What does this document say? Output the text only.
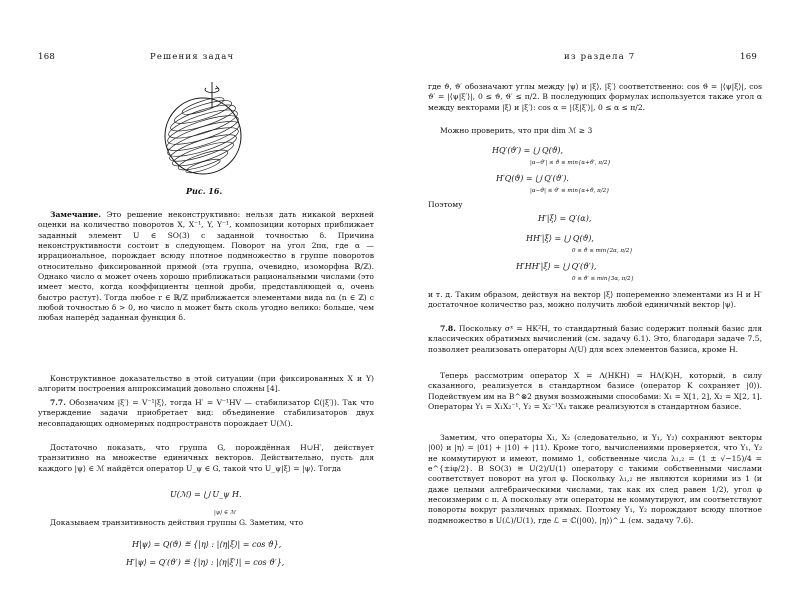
168	Решения задач
Рис. 16.

Замечание. Это решение неконструктивно: нельзя дать никакой верхней оценки на количество поворотов X, X⁻¹, Y, Y⁻¹, композиции которых приближает заданный элемент U ∈ SO(3) с заданной точностью δ. Причина неконструктивности состоит в следующем. Поворот на угол 2πα, где α — иррациональное, порождает всюду плотное подмножество в группе поворотов относительно фиксированной прямой (эта группа, очевидно, изоморфна ℝ/ℤ). Однако число α может очень хорошо приближаться рациональными числами (это имеет место, когда коэффициенты цепной дроби, представляющей α, очень быстро растут). Тогда любое r ∈ ℝ/ℤ приближается элементами вида nα (n ∈ ℤ) с любой точностью δ > 0, но число n может быть сколь угодно велико: больше, чем любая наперёд заданная функция δ.

Конструктивное доказательство в этой ситуации (при фиксированных X и Y) алгоритм построения аппроксимаций довольно сложны [4].

7.7. Обозначим |ξ′⟩ = V⁻¹|ξ⟩, тогда H′ = V⁻¹HV — стабилизатор ℂ(|ξ′⟩). Так что утверждение задачи приобретает вид: объединение стабилизаторов двух несовпадающих одномерных подпространств порождает U(ℳ).

Достаточно показать, что группа G, порождённая H∪H′, действует транзитивно на множестве единичных векторов. Действительно, пусть для каждого |ψ⟩ ∈ ℳ найдётся оператор U_ψ ∈ G, такой что U_ψ|ξ⟩ = |ψ⟩. Тогда

U(ℳ) = ⋃ U_ψ H.
|ψ⟩ ∈ ℳ

Доказываем транзитивность действия группы G. Заметим, что

H|ψ⟩ = Q(ϑ) ≝ {|η⟩ : |⟨η|ξ⟩| = cos ϑ},
H′|ψ⟩ = Q′(ϑ′) ≝ {|η⟩ : |⟨η|ξ′⟩| = cos ϑ′},
из раздела 7	169

где ϑ, ϑ′ обозначают углы между |ψ⟩ и |ξ⟩, |ξ′⟩ соответственно: cos ϑ = |⟨ψ|ξ⟩|, cos ϑ′ = |⟨ψ|ξ′⟩|, 0 ≤ ϑ, ϑ′ ≤ π/2. В последующих формулах используется также угол α между векторами |ξ⟩ и |ξ′⟩: cos α = |⟨ξ|ξ′⟩|, 0 ≤ α ≤ π/2.

Можно проверить, что при dim ℳ ≥ 3

HQ′(ϑ′) = ⋃ Q(ϑ),
|α−ϑ′| ≤ ϑ ≤ min{α+ϑ′, π/2}
H′Q(ϑ) = ⋃ Q′(ϑ′).
|α−ϑ| ≤ ϑ′ ≤ min{α+ϑ, π/2}

Поэтому

H′|ξ⟩ = Q′(α),
HH′|ξ⟩ = ⋃ Q(ϑ),
0 ≤ ϑ ≤ min{2α, π/2}
H′HH′|ξ⟩ = ⋃ Q′(ϑ′),
0 ≤ ϑ′ ≤ min{3α, π/2}

и т. д. Таким образом, действуя на вектор |ξ⟩ попеременно элементами из H и H′ достаточное количество раз, можно получить любой единичный вектор |ψ⟩.

7.8. Поскольку σˣ = HK²H, то стандартный базис содержит полный базис для классических обратимых вычислений (см. задачу 6.1). Это, благодаря задаче 7.5, позволяет реализовать операторы Λ(U) для всех элементов базиса, кроме H.

Теперь рассмотрим оператор X = Λ(HKH) = HΛ(K)H, который, в силу сказанного, реализуется в стандартном базисе (оператор K сохраняет |0⟩). Подействуем им на B^⊗2 двумя возможными способами: X₁ = X[1, 2], X₂ = X[2, 1]. Операторы Y₁ = X₁X₂⁻¹, Y₂ = X₂⁻¹X₁ также реализуются в стандартном базисе.

Заметим, что операторы X₁, X₂ (следовательно, и Y₁, Y₂) сохраняют векторы |00⟩ и |η⟩ = |01⟩ + |10⟩ + |11⟩. Кроме того, вычислениями проверяется, что Y₁, Y₂ не коммутируют и имеют, помимо 1, собственные числа λ₁,₂ = (1 ± √−15)/4 = e^{±iφ/2}. В SO(3) ≅ U(2)/U(1) оператору с такими собственными числами соответствует поворот на угол φ. Поскольку λ₁,₂ не являются корнями из 1 (и даже целыми алгебраическими числами, так как их след равен 1/2), угол φ несоизмерим с π. А поскольку эти операторы не коммутируют, им соответствуют повороты вокруг различных прямых. Поэтому Y₁, Y₂ порождают всюду плотное подмножество в U(ℒ)/U(1), где ℒ = ℂ(|00⟩, |η⟩)^⊥ (см. задачу 7.6).
